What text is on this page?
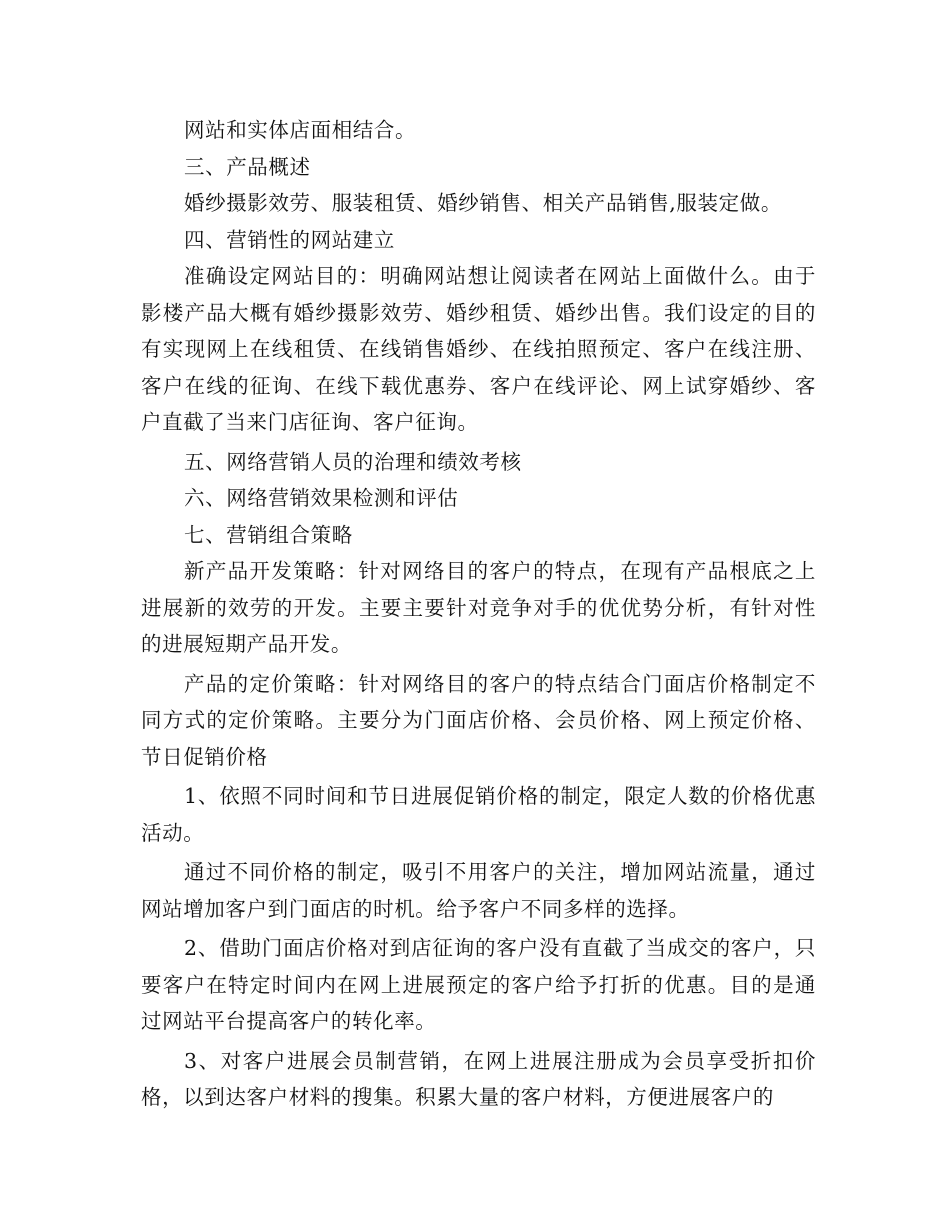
网站和实体店面相结合。

三、产品概述

婚纱摄影效劳、服装租赁、婚纱销售、相关产品销售,服装定做。

四、营销性的网站建立

准确设定网站目的：明确网站想让阅读者在网站上面做什么。由于影楼产品大概有婚纱摄影效劳、婚纱租赁、婚纱出售。我们设定的目的有实现网上在线租赁、在线销售婚纱、在线拍照预定、客户在线注册、客户在线的征询、在线下载优惠券、客户在线评论、网上试穿婚纱、客户直截了当来门店征询、客户征询。

五、网络营销人员的治理和绩效考核

六、网络营销效果检测和评估

七、营销组合策略

新产品开发策略：针对网络目的客户的特点，在现有产品根底之上进展新的效劳的开发。主要主要针对竞争对手的优优势分析，有针对性的进展短期产品开发。

产品的定价策略：针对网络目的客户的特点结合门面店价格制定不同方式的定价策略。主要分为门面店价格、会员价格、网上预定价格、节日促销价格

1、依照不同时间和节日进展促销价格的制定，限定人数的价格优惠活动。

通过不同价格的制定，吸引不用客户的关注，增加网站流量，通过网站增加客户到门面店的时机。给予客户不同多样的选择。

2、借助门面店价格对到店征询的客户没有直截了当成交的客户，只要客户在特定时间内在网上进展预定的客户给予打折的优惠。目的是通过网站平台提高客户的转化率。

3、对客户进展会员制营销，在网上进展注册成为会员享受折扣价格，以到达客户材料的搜集。积累大量的客户材料，方便进展客户的
